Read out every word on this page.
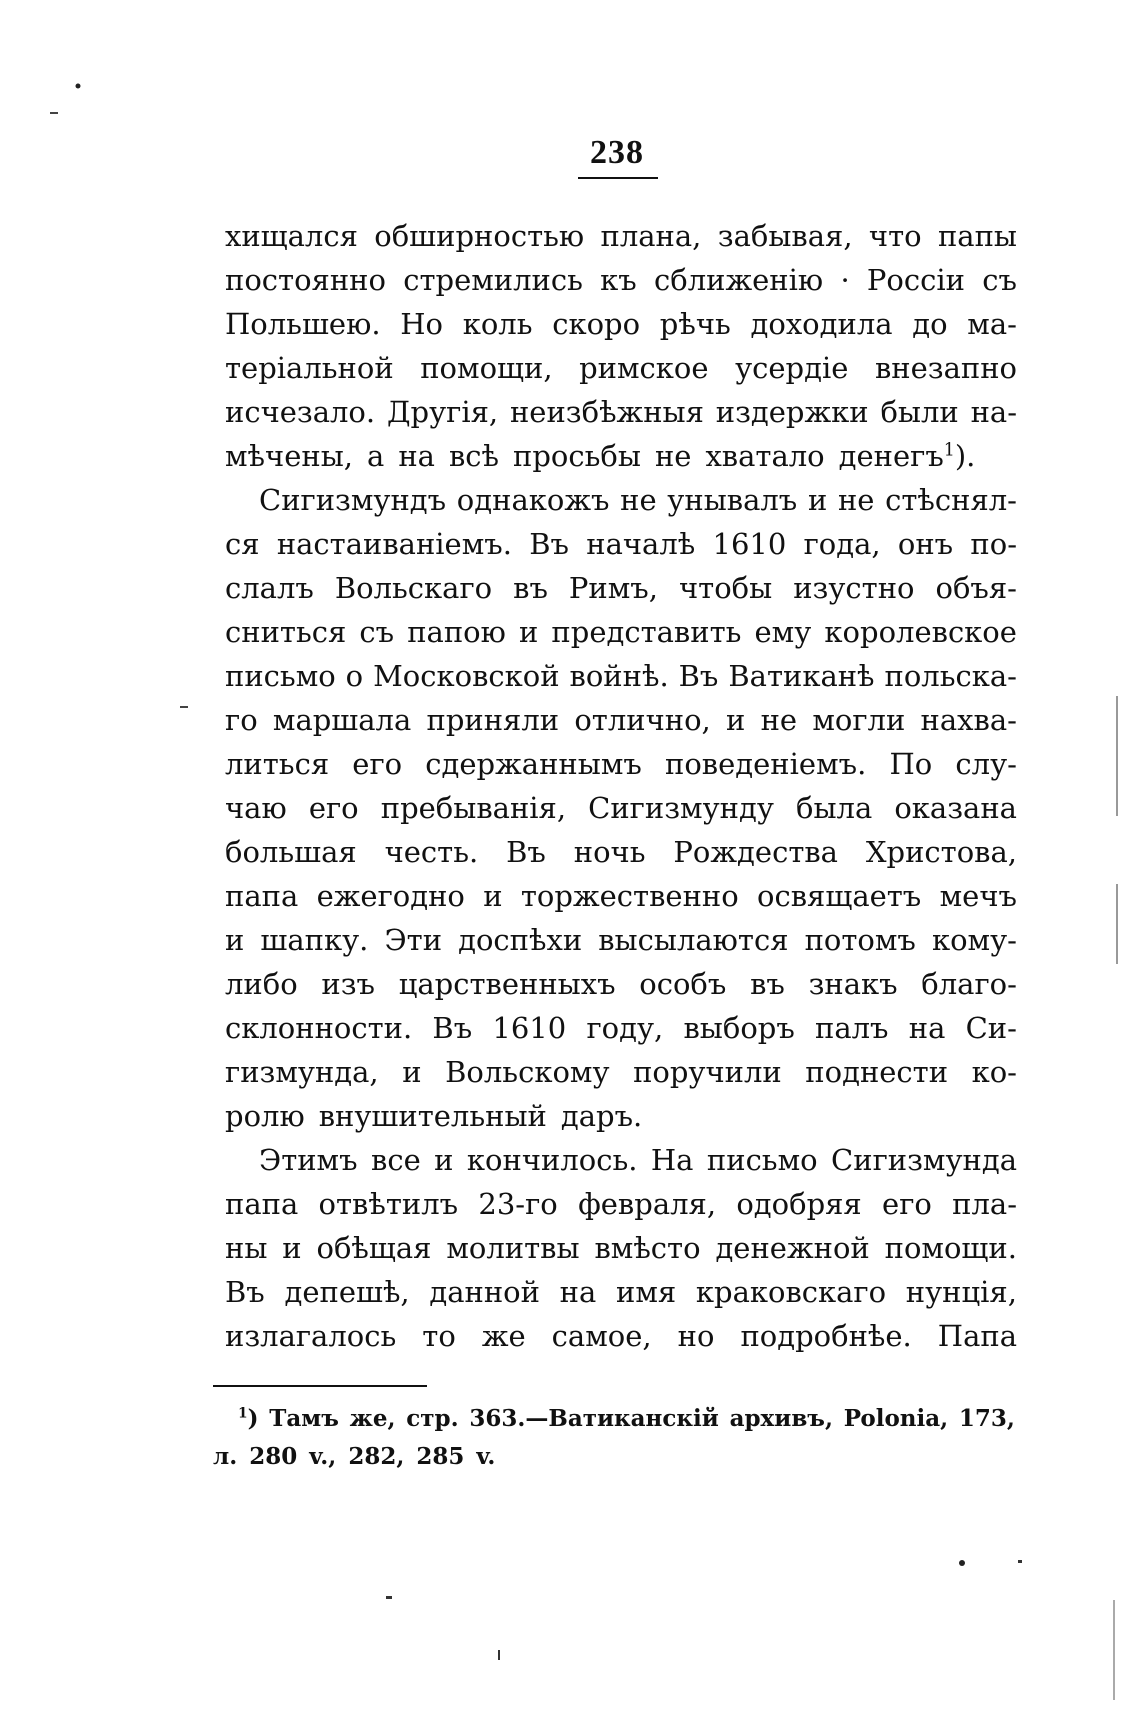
238
хищался обширностью плана, забывая, что папы
постоянно стремились къ сближенію · Россіи съ
Польшею. Но коль скоро рѣчь доходила до ма-
теріальной помощи, римское усердіе внезапно
исчезало. Другія, неизбѣжныя издержки были на-
мѣчены, а на всѣ просьбы не хватало денегъ$^1$).
Сигизмундъ однакожъ не унывалъ и не стѣснял-
ся настаиваніемъ. Въ началѣ 1610 года, онъ по-
слалъ Вольскаго въ Римъ, чтобы изустно объя-
сниться съ папою и представить ему королевское
письмо о Московской войнѣ. Въ Ватиканѣ польска-
го маршала приняли отлично, и не могли нахва-
литься его сдержаннымъ поведеніемъ. По слу-
чаю его пребыванія, Сигизмунду была оказана
большая честь. Въ ночь Рождества Христова,
папа ежегодно и торжественно освящаетъ мечъ
и шапку. Эти доспѣхи высылаются потомъ кому-
либо изъ царственныхъ особъ въ знакъ благо-
склонности. Въ 1610 году, выборъ палъ на Си-
гизмунда, и Вольскому поручили поднести ко-
ролю внушительный даръ.
Этимъ все и кончилось. На письмо Сигизмунда
папа отвѣтилъ 23-го февраля, одобряя его пла-
ны и обѣщая молитвы вмѣсто денежной помощи.
Въ депешѣ, данной на имя краковскаго нунція,
излагалось то же самое, но подробнѣе. Папа
$^1$) Тамъ же, стр. 363.—Ватиканскій архивъ, Polonia, 173,
л. 280 v., 282, 285 v.
